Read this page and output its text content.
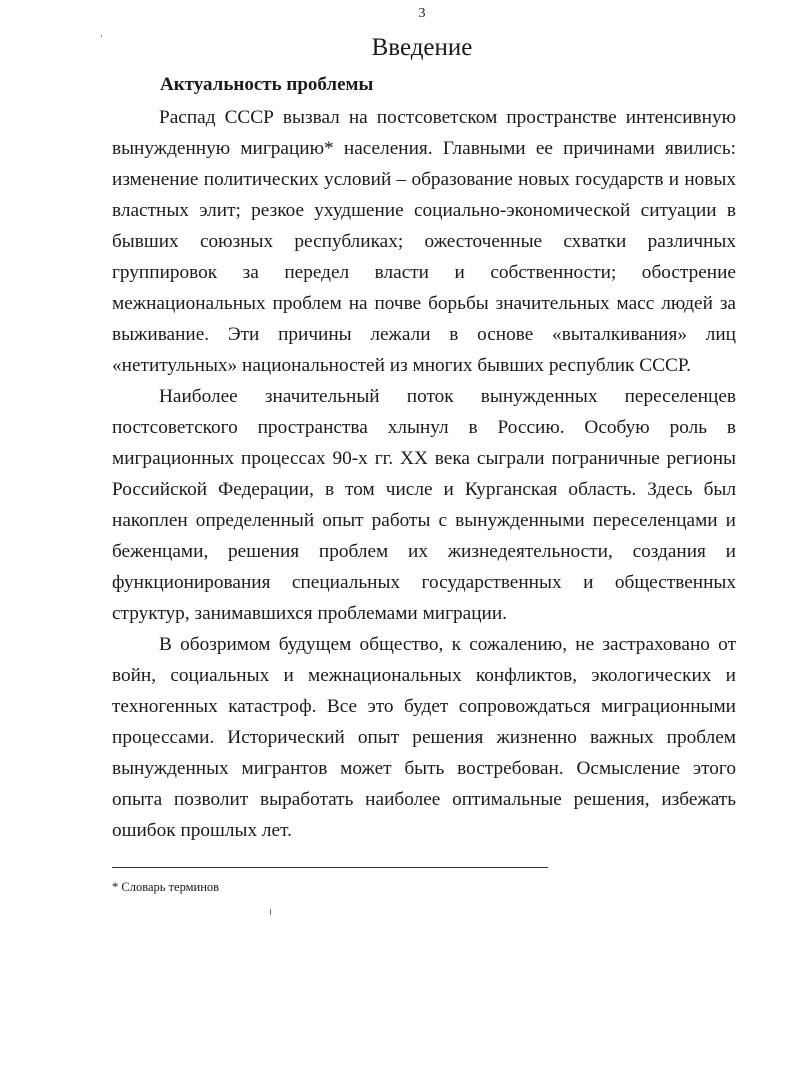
3
Введение
Актуальность проблемы

Распад СССР вызвал на постсоветском пространстве интенсивную вынужденную миграцию* населения. Главными ее причинами явились: изменение политических условий – образование новых государств и новых властных элит; резкое ухудшение социально-экономической ситуации в бывших союзных республиках; ожесточенные схватки различных группировок за передел власти и собственности; обострение межнациональных проблем на почве борьбы значительных масс людей за выживание. Эти причины лежали в основе «выталкивания» лиц «нетитульных» национальностей из многих бывших республик СССР.

Наиболее значительный поток вынужденных переселенцев постсоветского пространства хлынул в Россию. Особую роль в миграционных процессах 90-х гг. XX века сыграли пограничные регионы Российской Федерации, в том числе и Курганская область. Здесь был накоплен определенный опыт работы с вынужденными переселенцами и беженцами, решения проблем их жизнедеятельности, создания и функционирования специальных государственных и общественных структур, занимавшихся проблемами миграции.

В обозримом будущем общество, к сожалению, не застраховано от войн, социальных и межнациональных конфликтов, экологических и техногенных катастроф. Все это будет сопровождаться миграционными процессами. Исторический опыт решения жизненно важных проблем вынужденных мигрантов может быть востребован. Осмысление этого опыта позволит выработать наиболее оптимальные решения, избежать ошибок прошлых лет.

* Словарь терминов
